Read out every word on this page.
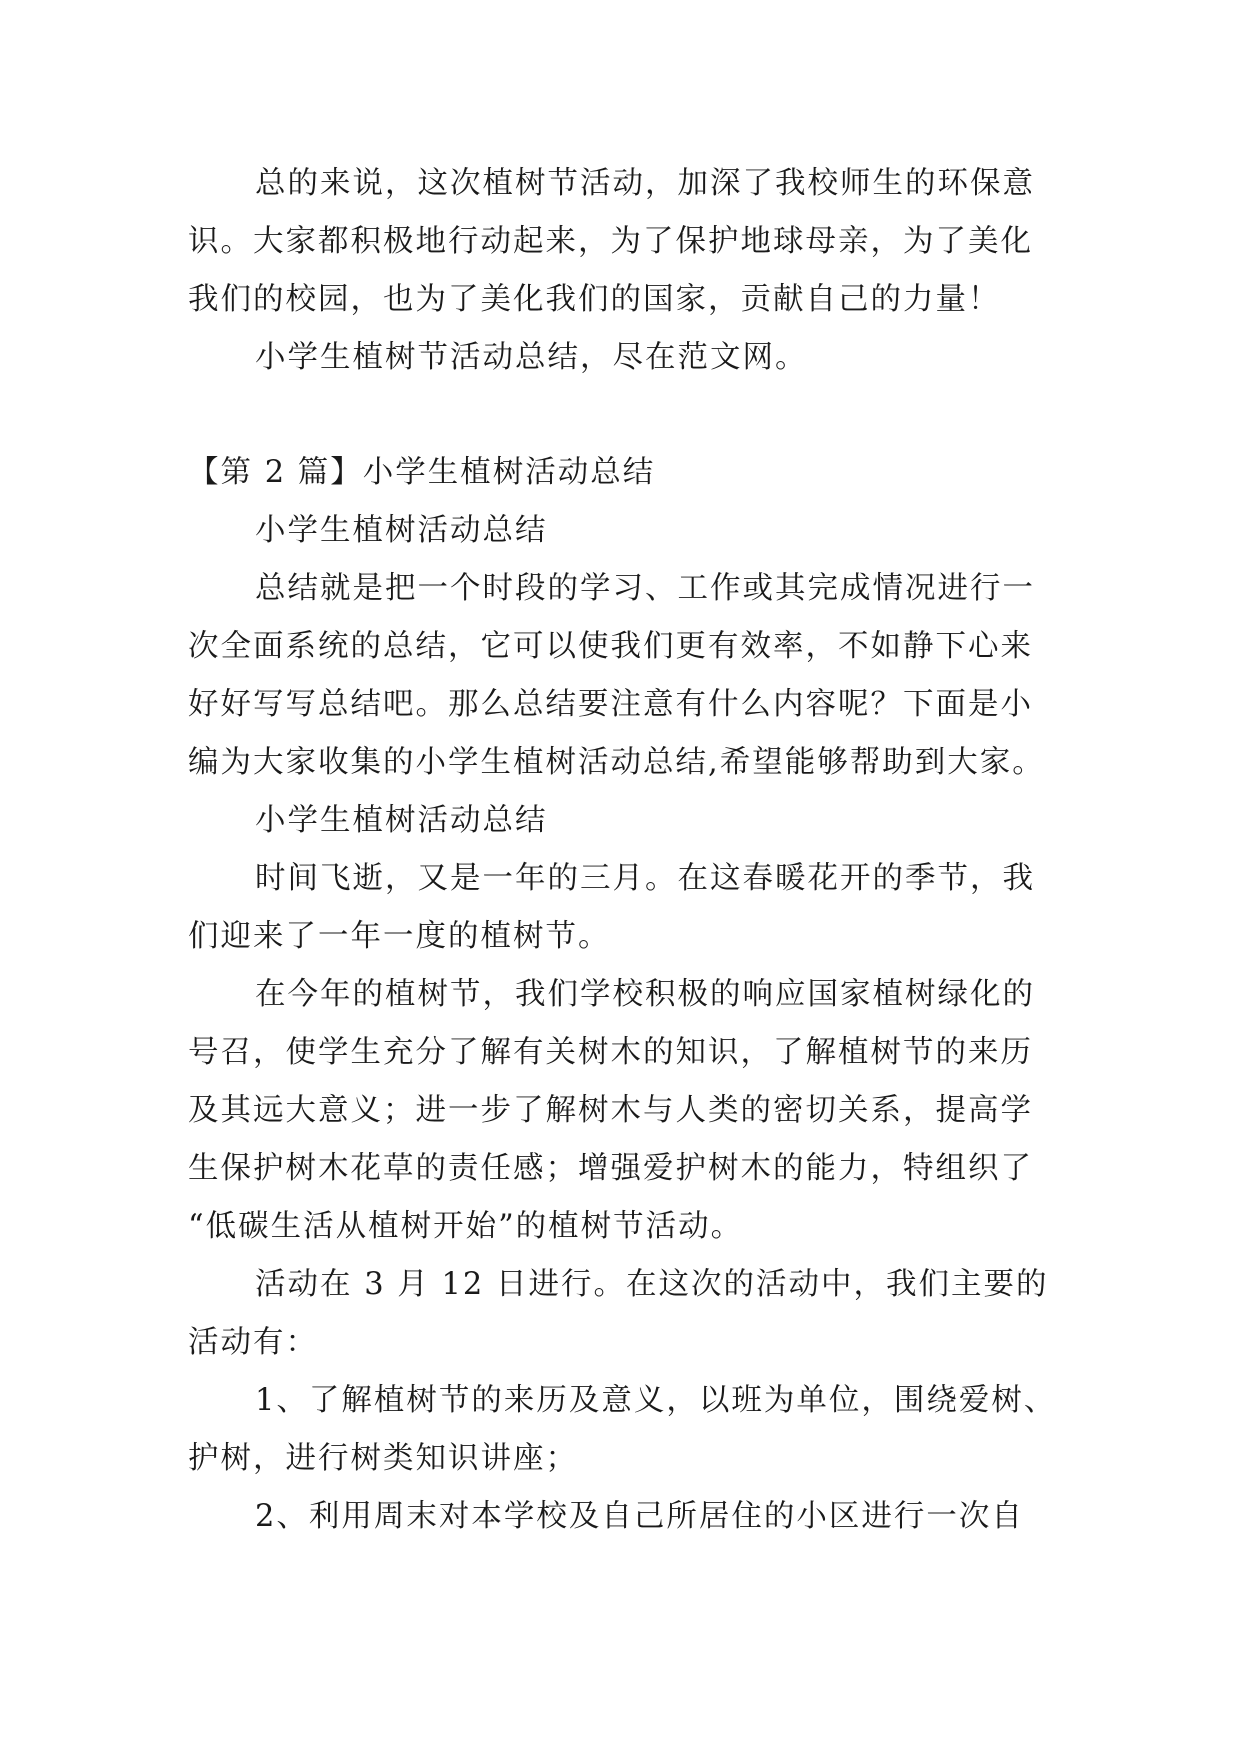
总的来说，这次植树节活动，加深了我校师生的环保意
识。大家都积极地行动起来，为了保护地球母亲，为了美化
我们的校园，也为了美化我们的国家，贡献自己的力量！
小学生植树节活动总结，尽在范文网。
【第 2 篇】小学生植树活动总结
小学生植树活动总结
总结就是把一个时段的学习、工作或其完成情况进行一
次全面系统的总结，它可以使我们更有效率，不如静下心来
好好写写总结吧。那么总结要注意有什么内容呢？下面是小
编为大家收集的小学生植树活动总结,希望能够帮助到大家。
小学生植树活动总结
时间飞逝，又是一年的三月。在这春暖花开的季节，我
们迎来了一年一度的植树节。
在今年的植树节，我们学校积极的响应国家植树绿化的
号召，使学生充分了解有关树木的知识，了解植树节的来历
及其远大意义；进一步了解树木与人类的密切关系，提高学
生保护树木花草的责任感；增强爱护树木的能力，特组织了
“低碳生活从植树开始”的植树节活动。
活动在 3 月 12 日进行。在这次的活动中，我们主要的
活动有：
1、了解植树节的来历及意义，以班为单位，围绕爱树、
护树，进行树类知识讲座；
2、利用周末对本学校及自己所居住的小区进行一次自
